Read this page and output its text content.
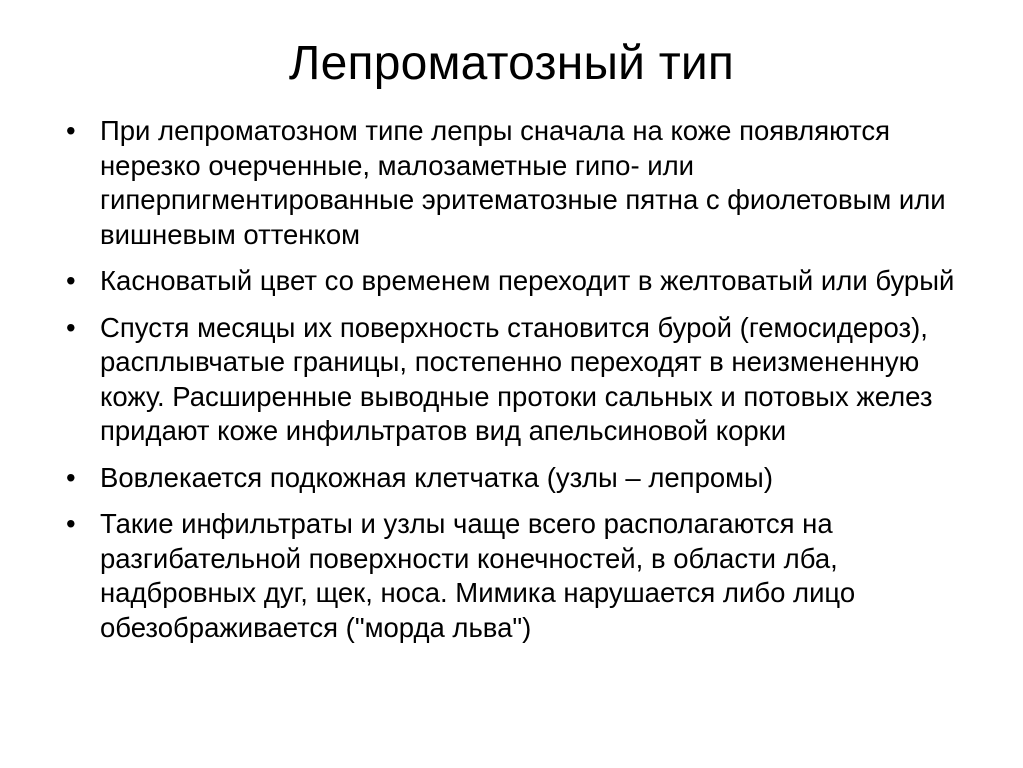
Лепроматозный тип
• При лепроматозном типе лепры сначала на коже появляются нерезко очерченные, малозаметные гипо- или гиперпигментированные эритематозные пятна с фиолетовым или вишневым оттенком
• Касноватый цвет со временем переходит в желтоватый или бурый
• Спустя месяцы их поверхность становится бурой (гемосидероз), расплывчатые границы, постепенно переходят в неизмененную кожу. Расширенные выводные протоки сальных и потовых желез придают коже инфильтратов вид апельсиновой корки
• Вовлекается подкожная клетчатка (узлы – лепромы)
• Такие инфильтраты и узлы чаще всего располагаются на разгибательной поверхности конечностей, в области лба, надбровных дуг, щек, носа. Мимика нарушается либо лицо обезображивается ("морда льва")
